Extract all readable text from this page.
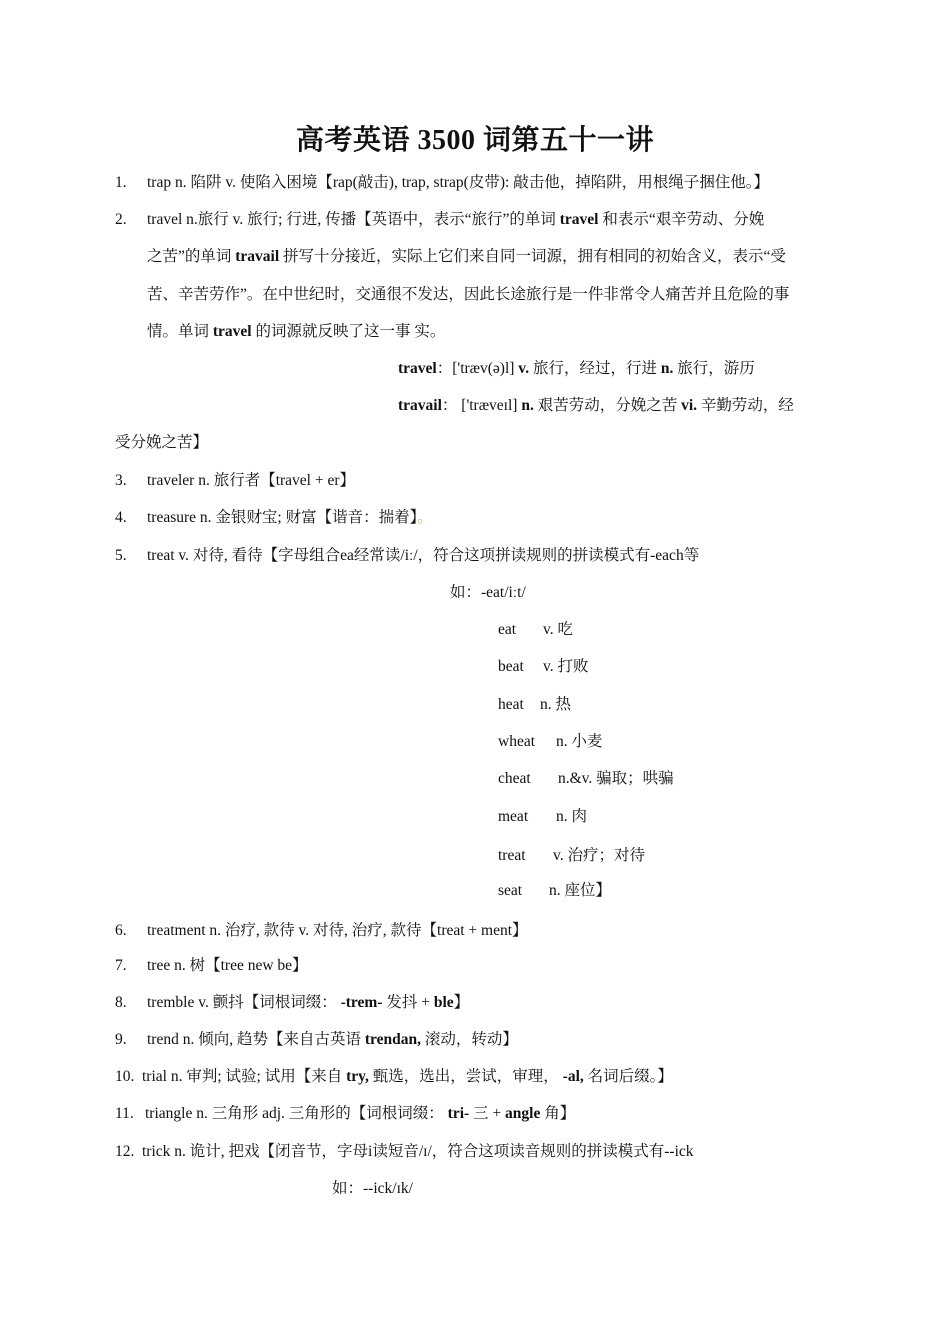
高考英语 3500 词第五十一讲
1. trap n. 陷阱 v. 使陷入困境【rap(敲击), trap, strap(皮带): 敲击他，掉陷阱，用根绳子捆住他。】
2. travel n.旅行 v. 旅行; 行进, 传播【英语中，表示“旅行”的单词 travel 和表示“艰辛劳动、分娩
之苦”的单词 travail 拼写十分接近，实际上它们来自同一词源，拥有相同的初始含义，表示“受
苦、辛苦劳作”。在中世纪时，交通很不发达，因此长途旅行是一件非常令人痛苦并且危险的事
情。单词 travel 的词源就反映了这一事 实。
travel：['træv(ə)l] v. 旅行，经过，行进 n. 旅行，游历
travail： ['træveɪl] n. 艰苦劳动，分娩之苦 vi. 辛勤劳动，经
受分娩之苦】
3. traveler n. 旅行者【travel + er】
4. treasure n. 金银财宝; 财富【谐音：揣着】。
5. treat v. 对待, 看待【字母组合ea经常读/iː/，符合这项拼读规则的拼读模式有-each等
如：-eat/iːt/
eat v. 吃
beat v. 打败
heat n. 热
wheat n. 小麦
cheat n.&v. 骗取；哄骗
meat n. 肉
treat v. 治疗；对待
seat n. 座位】
6. treatment n. 治疗, 款待 v. 对待, 治疗, 款待【treat + ment】
7. tree n. 树【tree new be】
8. tremble v. 颤抖【词根词缀： -trem- 发抖 + ble】
9. trend n. 倾向, 趋势【来自古英语 trendan, 滚动，转动】
10. trial n. 审判; 试验; 试用【来自 try, 甄选，选出，尝试，审理， -al, 名词后缀。】
11. triangle n. 三角形 adj. 三角形的【词根词缀： tri- 三 + angle 角】
12. trick n. 诡计, 把戏【闭音节，字母i读短音/ɪ/，符合这项读音规则的拼读模式有--ick
如：--ick/ɪk/
